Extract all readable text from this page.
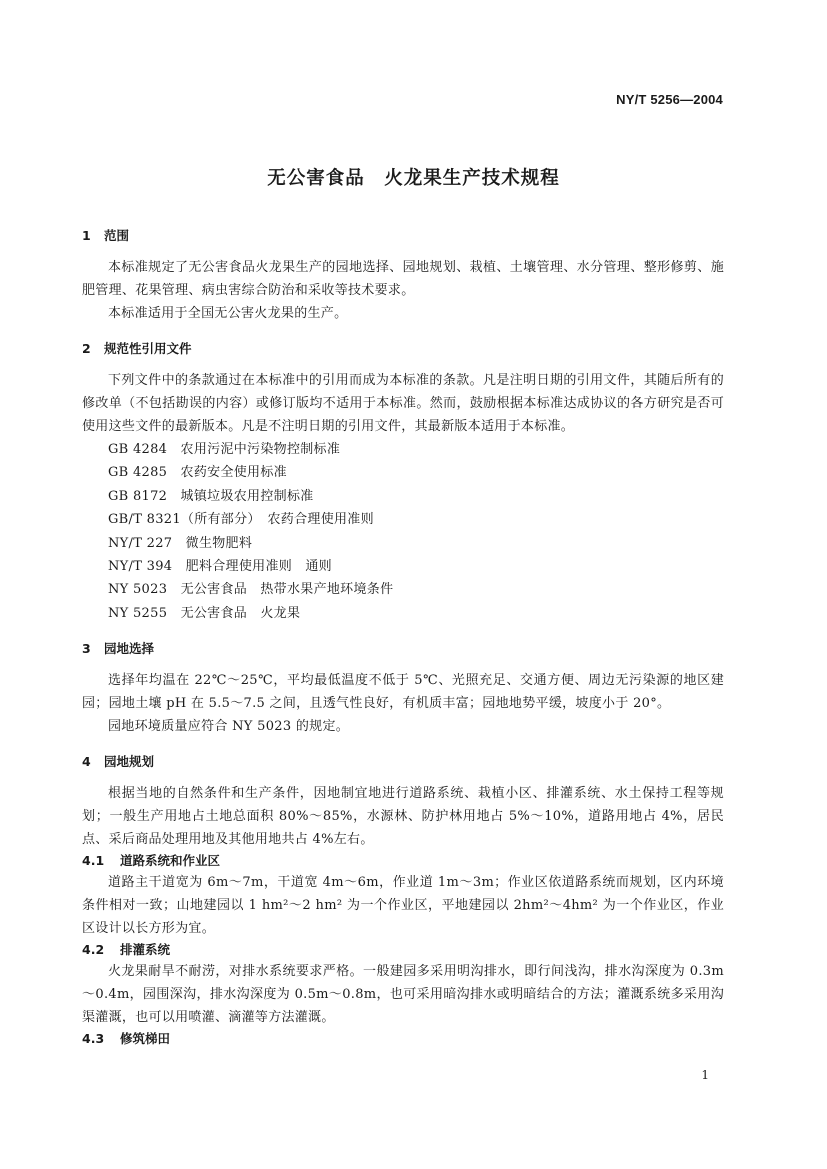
NY/T 5256—2004
无公害食品　火龙果生产技术规程
1 范围

本标准规定了无公害食品火龙果生产的园地选择、园地规划、栽植、土壤管理、水分管理、整形修剪、施肥管理、花果管理、病虫害综合防治和采收等技术要求。

本标准适用于全国无公害火龙果的生产。

2 规范性引用文件

下列文件中的条款通过在本标准中的引用而成为本标准的条款。凡是注明日期的引用文件，其随后所有的修改单（不包括勘误的内容）或修订版均不适用于本标准。然而，鼓励根据本标准达成协议的各方研究是否可使用这些文件的最新版本。凡是不注明日期的引用文件，其最新版本适用于本标准。

GB 4284　农用污泥中污染物控制标准
GB 4285　农药安全使用标准
GB 8172　城镇垃圾农用控制标准
GB/T 8321（所有部分）　农药合理使用准则
NY/T 227　微生物肥料
NY/T 394　肥料合理使用准则　通则
NY 5023　无公害食品　热带水果产地环境条件
NY 5255　无公害食品　火龙果
3 园地选择

选择年均温在 22℃～25℃，平均最低温度不低于 5℃、光照充足、交通方便、周边无污染源的地区建园；园地土壤 pH 在 5.5～7.5 之间，且透气性良好，有机质丰富；园地地势平缓，坡度小于 20°。

园地环境质量应符合 NY 5023 的规定。

4 园地规划

根据当地的自然条件和生产条件，因地制宜地进行道路系统、栽植小区、排灌系统、水土保持工程等规划；一般生产用地占土地总面积 80%～85%，水源林、防护林用地占 5%～10%，道路用地占 4%，居民点、采后商品处理用地及其他用地共占 4%左右。

4.1 道路系统和作业区

道路主干道宽为 6m～7m，干道宽 4m～6m，作业道 1m～3m；作业区依道路系统而规划，区内环境条件相对一致；山地建园以 1 hm²～2 hm² 为一个作业区，平地建园以 2hm²～4hm² 为一个作业区，作业区设计以长方形为宜。

4.2 排灌系统

火龙果耐旱不耐涝，对排水系统要求严格。一般建园多采用明沟排水，即行间浅沟，排水沟深度为 0.3m～0.4m，园围深沟，排水沟深度为 0.5m～0.8m，也可采用暗沟排水或明暗结合的方法；灌溉系统多采用沟渠灌溉，也可以用喷灌、滴灌等方法灌溉。

4.3 修筑梯田
1
